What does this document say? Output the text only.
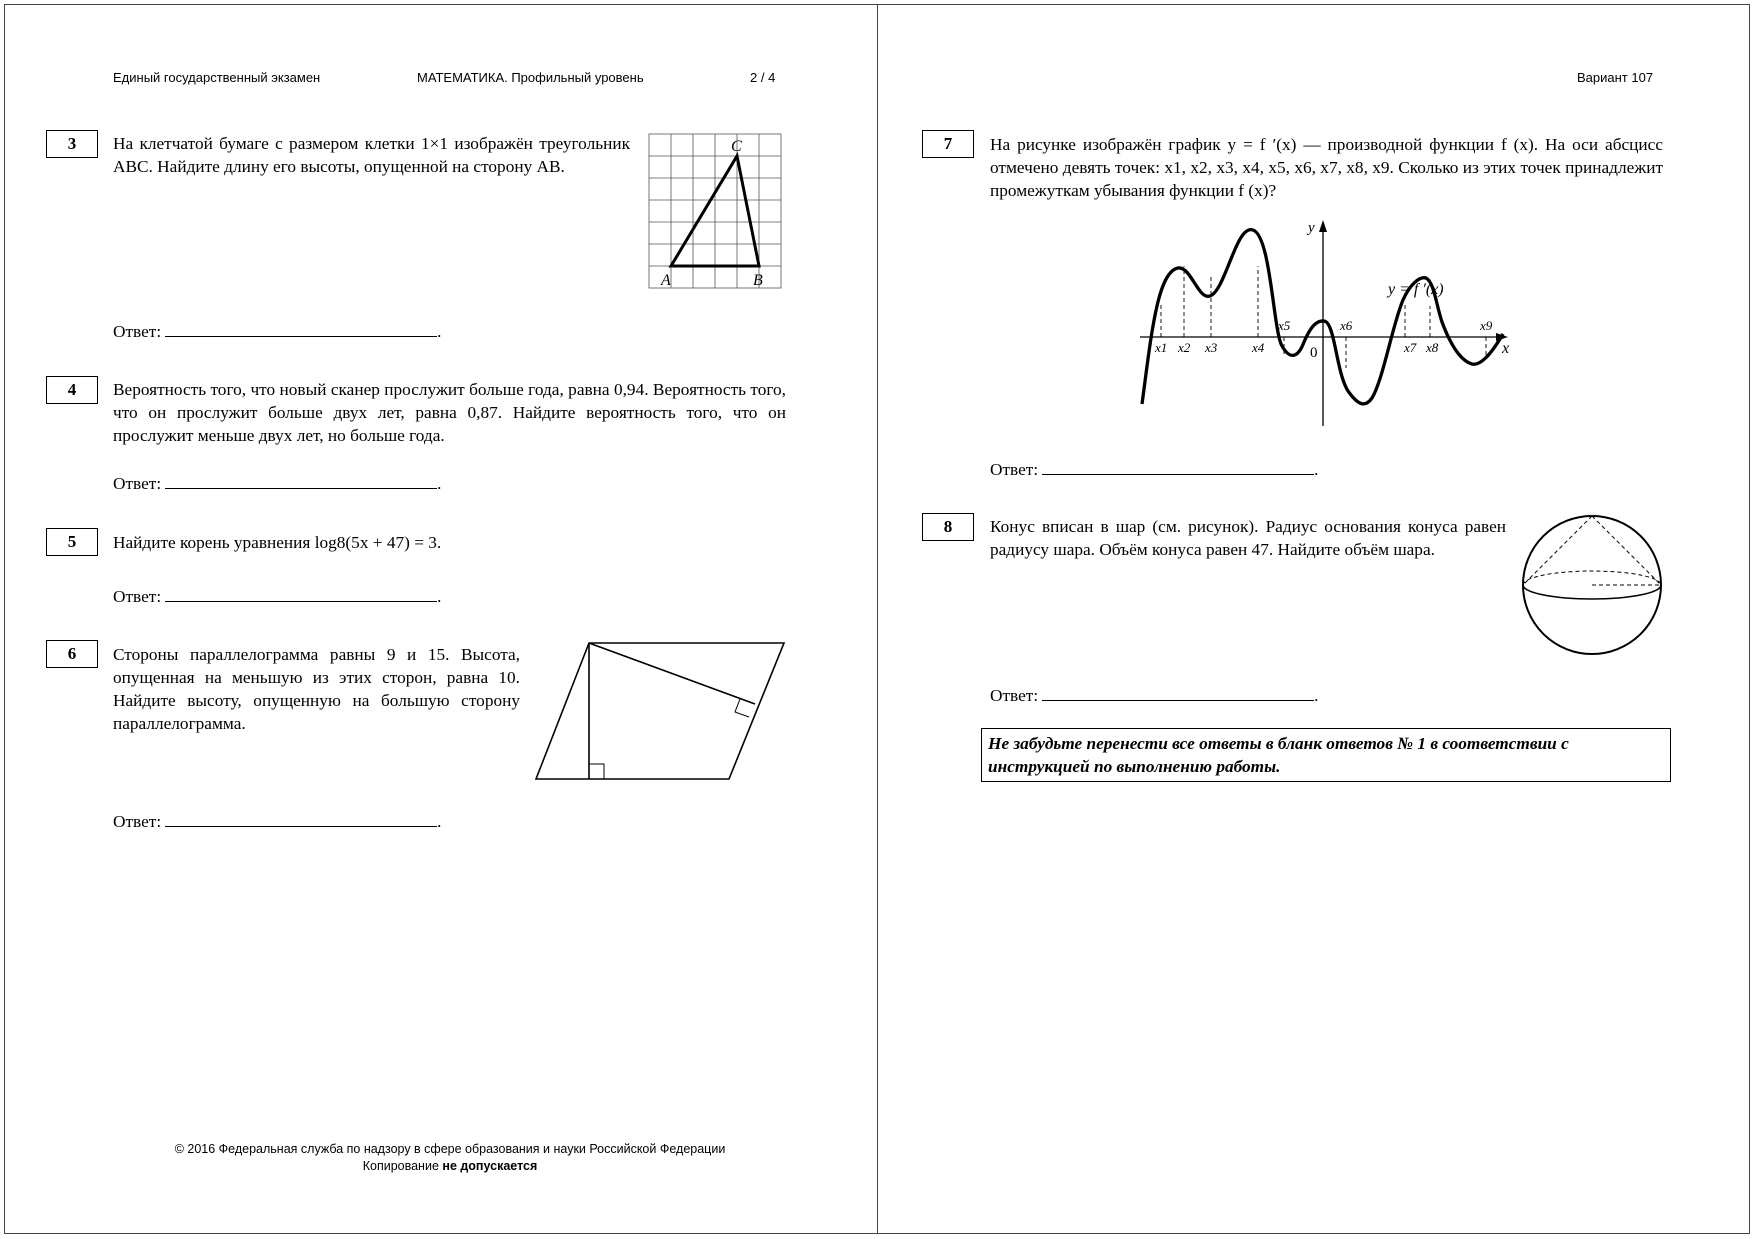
Единый государственный экзамен	МАТЕМАТИКА. Профильный уровень	2 / 4	Вариант 107
3	На клетчатой бумаге с размером клетки 1×1 изображён треугольник ABC. Найдите длину его высоты, опущенной на сторону AB.
A	B
C
Ответ:	.
4	Вероятность того, что новый сканер прослужит больше года, равна 0,94. Вероятность того, что он прослужит больше двух лет, равна 0,87. Найдите вероятность того, что он прослужит меньше двух лет, но больше года.
Ответ:	.
5	Найдите корень уравнения log8(5x + 47) = 3.
Ответ:	.
6	Стороны параллелограмма равны 9 и 15. Высота, опущенная на меньшую из этих сторон, равна 10. Найдите высоту, опущенную на большую сторону параллелограмма.
Ответ:	.
7	На рисунке изображён график y = f ′(x) — производной функции f (x). На оси абсцисс отмечено девять точек: x1, x2, x3, x4, x5, x6, x7, x8, x9. Сколько из этих точек принадлежит промежуткам убывания функции f (x)?
y
x
0
y = f ′(x)
x1 x2 x3	x4
x5	x6
x7 x8
x9
Ответ:	.
8	Конус вписан в шар (см. рисунок). Радиус основания конуса равен радиусу шара. Объём конуса равен 47. Найдите объём шара.
Ответ:	.
Не забудьте перенести все ответы в бланк ответов № 1 в соответствии с инструкцией по выполнению работы.
© 2016 Федеральная служба по надзору в сфере образования и науки Российской Федерации
Копирование не допускается
